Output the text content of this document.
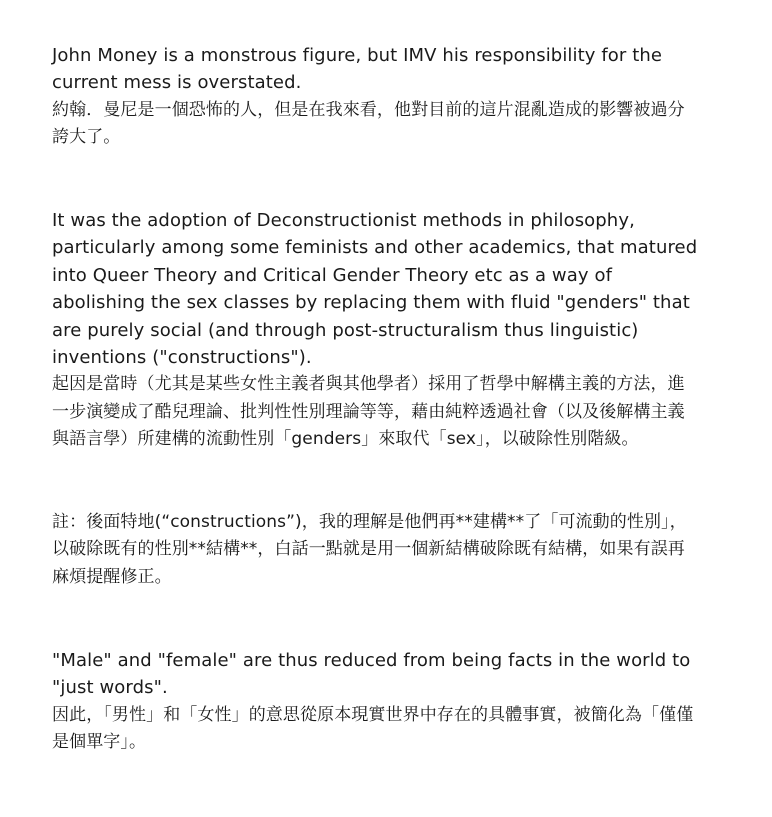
John Money is a monstrous figure, but IMV his responsibility for the current mess is overstated.

約翰．曼尼是一個恐怖的人，但是在我來看，他對目前的這片混亂造成的影響被過分誇大了。

It was the adoption of Deconstructionist methods in philosophy, particularly among some feminists and other academics, that matured into Queer Theory and Critical Gender Theory etc as a way of abolishing the sex classes by replacing them with fluid "genders" that are purely social (and through post-structuralism thus linguistic) inventions ("constructions").

起因是當時（尤其是某些女性主義者與其他學者）採用了哲學中解構主義的方法，進一步演變成了酷兒理論、批判性性別理論等等，藉由純粹透過社會（以及後解構主義與語言學）所建構的流動性別「genders」來取代「sex」，以破除性別階級。

註：後面特地(“constructions”)，我的理解是他們再**建構**了「可流動的性別」，以破除既有的性別**結構**，白話一點就是用一個新結構破除既有結構，如果有誤再麻煩提醒修正。

"Male" and "female" are thus reduced from being facts in the world to "just words".

因此，「男性」和「女性」的意思從原本現實世界中存在的具體事實，被簡化為「僅僅是個單字」。
